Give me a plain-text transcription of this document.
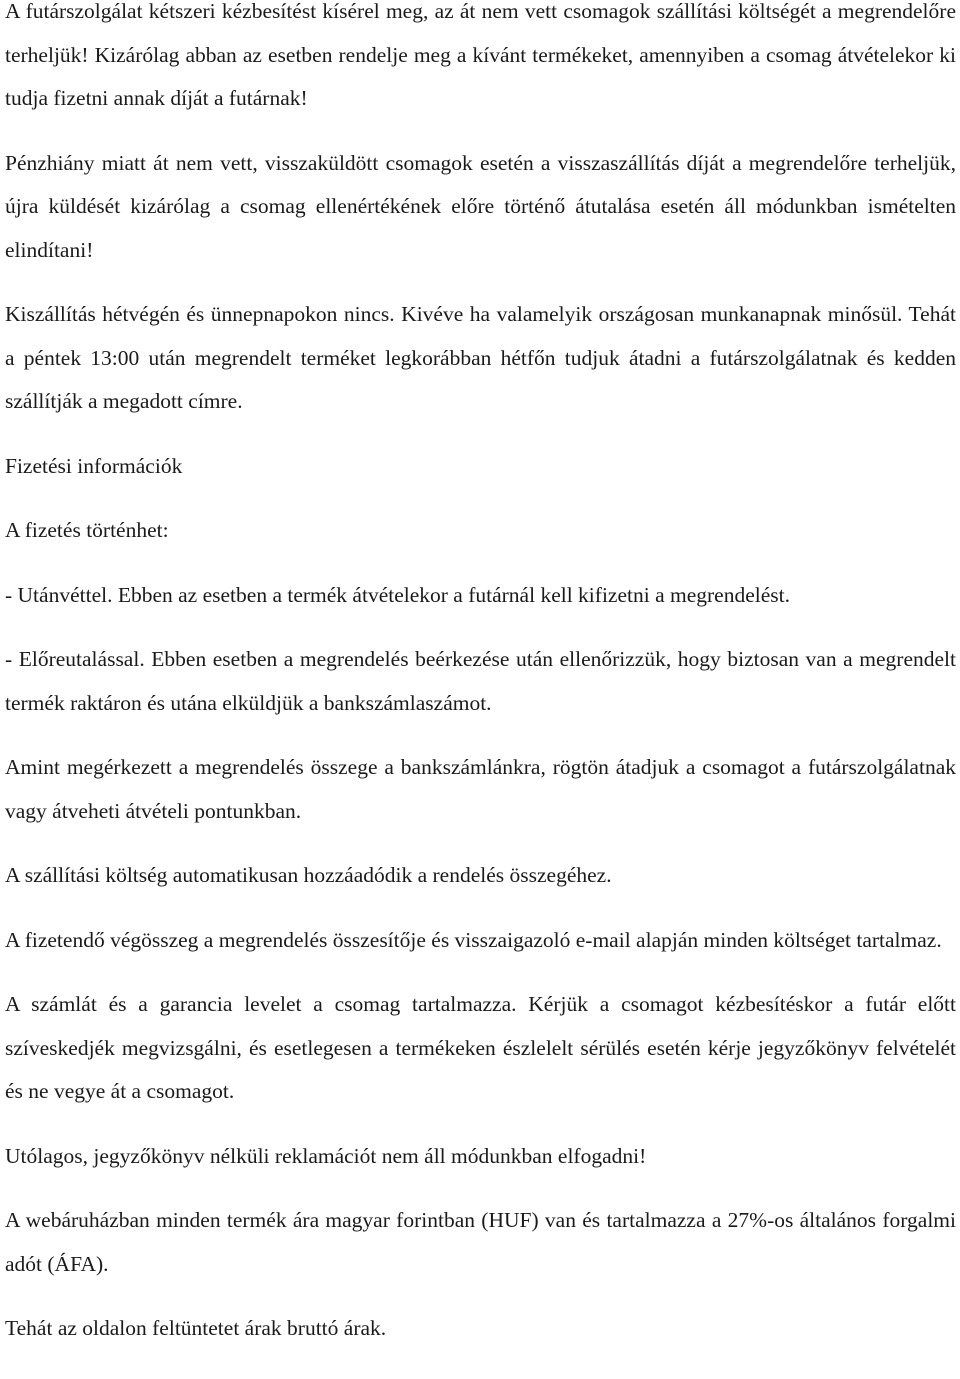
A futárszolgálat kétszeri kézbesítést kísérel meg, az át nem vett csomagok szállítási költségét a megrendelőre terheljük! Kizárólag abban az esetben rendelje meg a kívánt termékeket, amennyiben a csomag átvételekor ki tudja fizetni annak díját a futárnak!

Pénzhiány miatt át nem vett, visszaküldött csomagok esetén a visszaszállítás díját a megrendelőre terheljük, újra küldését kizárólag a csomag ellenértékének előre történő átutalása esetén áll módunkban ismételten elindítani!

Kiszállítás hétvégén és ünnepnapokon nincs. Kivéve ha valamelyik országosan munkanapnak minősül. Tehát a péntek 13:00 után megrendelt terméket legkorábban hétfőn tudjuk átadni a futárszolgálatnak és kedden szállítják a megadott címre.

Fizetési információk

A fizetés történhet:

- Utánvéttel. Ebben az esetben a termék átvételekor a futárnál kell kifizetni a megrendelést.

- Előreutalással. Ebben esetben a megrendelés beérkezése után ellenőrizzük, hogy biztosan van a megrendelt termék raktáron és utána elküldjük a bankszámlaszámot.

Amint megérkezett a megrendelés összege a bankszámlánkra, rögtön átadjuk a csomagot a futárszolgálatnak vagy átveheti átvételi pontunkban.

A szállítási költség automatikusan hozzáadódik a rendelés összegéhez.

A fizetendő végösszeg a megrendelés összesítője és visszaigazoló e-mail alapján minden költséget tartalmaz.

A számlát és a garancia levelet a csomag tartalmazza. Kérjük a csomagot kézbesítéskor a futár előtt szíveskedjék megvizsgálni, és esetlegesen a termékeken észlelelt sérülés esetén kérje jegyzőkönyv felvételét és ne vegye át a csomagot.

Utólagos, jegyzőkönyv nélküli reklamációt nem áll módunkban elfogadni!

A webáruházban minden termék ára magyar forintban (HUF) van és tartalmazza a 27%-os általános forgalmi adót (ÁFA).

Tehát az oldalon feltüntetet árak bruttó árak.
